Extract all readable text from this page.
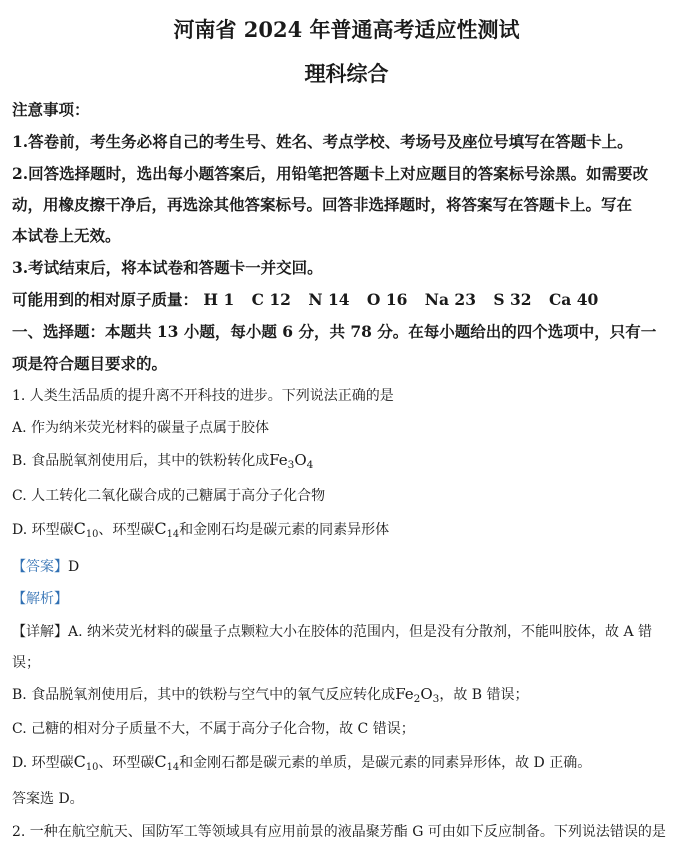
河南省 2024 年普通高考适应性测试
理科综合
注意事项：
1.答卷前，考生务必将自己的考生号、姓名、考点学校、考场号及座位号填写在答题卡上。
2.回答选择题时，选出每小题答案后，用铅笔把答题卡上对应题目的答案标号涂黑。如需要改
动，用橡皮擦干净后，再选涂其他答案标号。回答非选择题时，将答案写在答题卡上。写在
本试卷上无效。
3.考试结束后，将本试卷和答题卡一并交回。
可能用到的相对原子质量： H 1 C 12 N 14 O 16 Na 23 S 32 Ca 40
一、选择题：本题共 13 小题，每小题 6 分，共 78 分。在每小题给出的四个选项中，只有一
项是符合题目要求的。
1. 人类生活品质的提升离不开科技的进步。下列说法正确的是
A. 作为纳米荧光材料的碳量子点属于胶体
B. 食品脱氧剂使用后，其中的铁粉转化成$Fe_3O_4$
C. 人工转化二氧化碳合成的己糖属于高分子化合物
D. 环型碳$C_{10}$、环型碳$C_{14}$和金刚石均是碳元素的同素异形体
【答案】D
【解析】
【详解】A. 纳米荧光材料的碳量子点颗粒大小在胶体的范围内，但是没有分散剂，不能叫胶体，故 A 错
误；
B. 食品脱氧剂使用后，其中的铁粉与空气中的氧气反应转化成$Fe_2O_3$，故 B 错误；
C. 己糖的相对分子质量不大，不属于高分子化合物，故 C 错误；
D. 环型碳$C_{10}$、环型碳$C_{14}$和金刚石都是碳元素的单质，是碳元素的同素异形体，故 D 正确。
答案选 D。
2. 一种在航空航天、国防军工等领域具有应用前景的液晶聚芳酯 G 可由如下反应制备。下列说法错误的是
